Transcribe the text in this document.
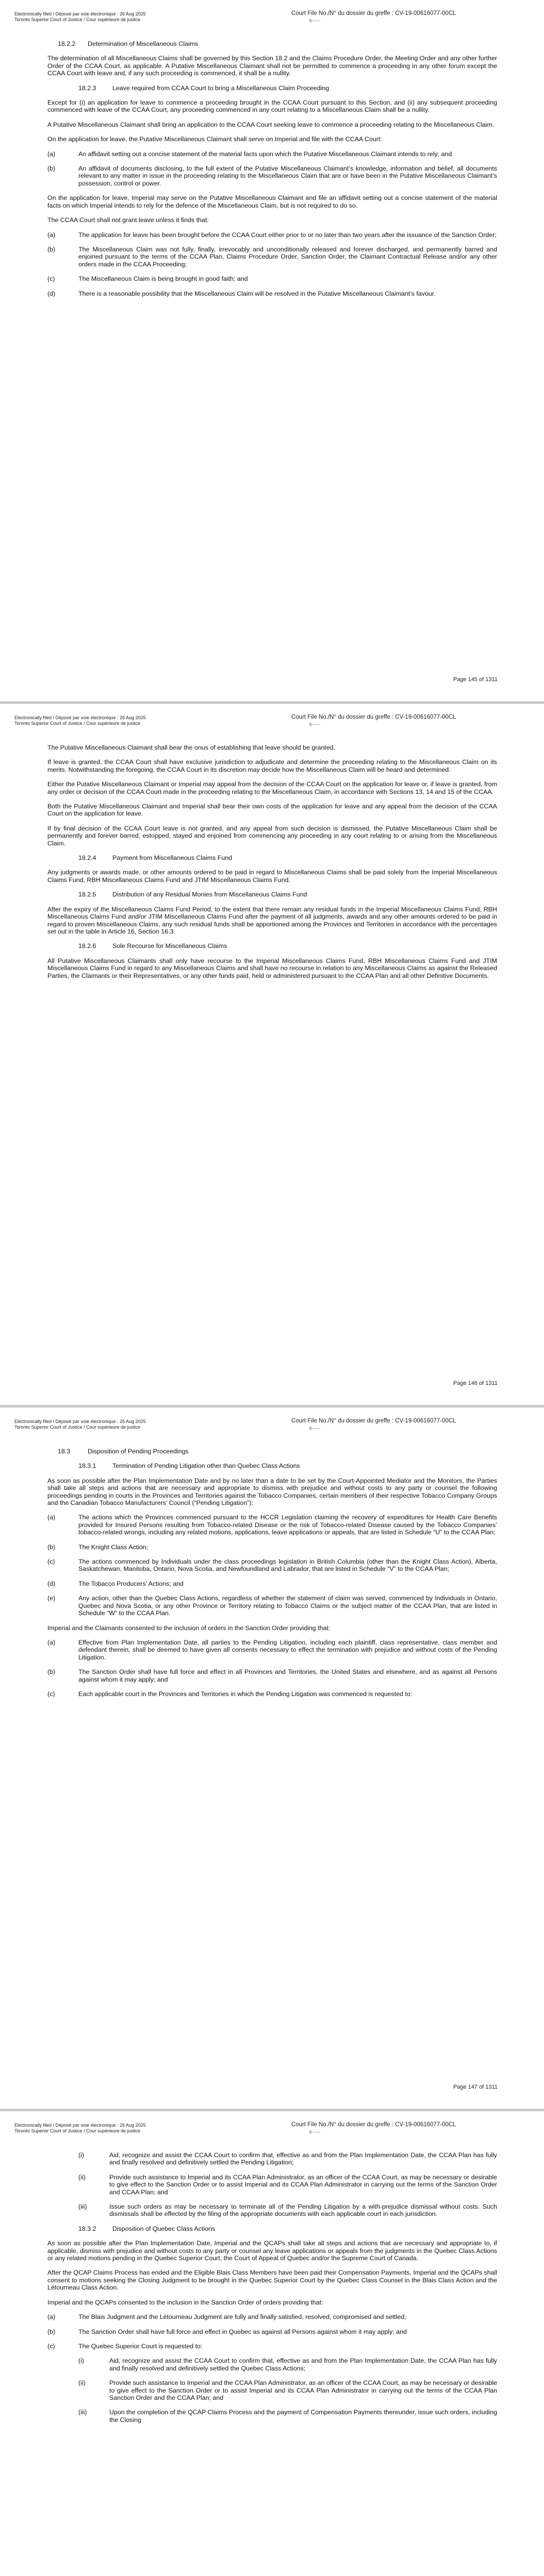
Electronically filed / Déposé par voie électronique : 26 Aug 2025
Toronto Superior Court of Justice / Cour supérieure de justice
Court File No./N° du dossier du greffe : CV-19-00616077-00CL
0−−−
18.2.2 Determination of Miscellaneous Claims

The determination of all Miscellaneous Claims shall be governed by this Section 18.2 and the Claims Procedure Order, the Meeting Order and any other further Order of the CCAA Court, as applicable. A Putative Miscellaneous Claimant shall not be permitted to commence a proceeding in any other forum except the CCAA Court with leave and, if any such proceeding is commenced, it shall be a nullity.

18.2.3	Leave required from CCAA Court to bring a Miscellaneous Claim Proceeding

Except for (i) an application for leave to commence a proceeding brought in the CCAA Court pursuant to this Section, and (ii) any subsequent proceeding commenced with leave of the CCAA Court, any proceeding commenced in any court relating to a Miscellaneous Claim shall be a nullity.

A Putative Miscellaneous Claimant shall bring an application to the CCAA Court seeking leave to commence a proceeding relating to the Miscellaneous Claim.

On the application for leave, the Putative Miscellaneous Claimant shall serve on Imperial and file with the CCAA Court:

(a)	An affidavit setting out a concise statement of the material facts upon which the Putative Miscellaneous Claimant intends to rely; and
(b)	An affidavit of documents disclosing, to the full extent of the Putative Miscellaneous Claimant’s knowledge, information and belief, all documents relevant to any matter in issue in the proceeding relating to the Miscellaneous Claim that are or have been in the Putative Miscellaneous Claimant’s possession, control or power.

On the application for leave, Imperial may serve on the Putative Miscellaneous Claimant and file an affidavit setting out a concise statement of the material facts on which Imperial intends to rely for the defence of the Miscellaneous Claim, but is not required to do so.

The CCAA Court shall not grant leave unless it finds that:

(a)	The application for leave has been brought before the CCAA Court either prior to or no later than two years after the issuance of the Sanction Order;
(b)	The Miscellaneous Claim was not fully, finally, irrevocably and unconditionally released and forever discharged, and permanently barred and enjoined pursuant to the terms of the CCAA Plan, Claims Procedure Order, Sanction Order, the Claimant Contractual Release and/or any other orders made in the CCAA Proceeding;
(c)	The Miscellaneous Claim is being brought in good faith; and
(d)	There is a reasonable possibility that the Miscellaneous Claim will be resolved in the Putative Miscellaneous Claimant’s favour.
Page 145 of 1311
Electronically filed / Déposé par voie électronique : 26 Aug 2025
Toronto Superior Court of Justice / Cour supérieure de justice
Court File No./N° du dossier du greffe : CV-19-00616077-00CL
0−−−

The Putative Miscellaneous Claimant shall bear the onus of establishing that leave should be granted.

If leave is granted, the CCAA Court shall have exclusive jurisdiction to adjudicate and determine the proceeding relating to the Miscellaneous Claim on its merits. Notwithstanding the foregoing, the CCAA Court in its discretion may decide how the Miscellaneous Claim will be heard and determined.

Either the Putative Miscellaneous Claimant or Imperial may appeal from the decision of the CCAA Court on the application for leave or, if leave is granted, from any order or decision of the CCAA Court made in the proceeding relating to the Miscellaneous Claim, in accordance with Sections 13, 14 and 15 of the CCAA.

Both the Putative Miscellaneous Claimant and Imperial shall bear their own costs of the application for leave and any appeal from the decision of the CCAA Court on the application for leave.

If by final decision of the CCAA Court leave is not granted, and any appeal from such decision is dismissed, the Putative Miscellaneous Claim shall be permanently and forever barred, estopped, stayed and enjoined from commencing any proceeding in any court relating to or arising from the Miscellaneous Claim.

18.2.4	Payment from Miscellaneous Claims Fund

Any judgments or awards made, or other amounts ordered to be paid in regard to Miscellaneous Claims shall be paid solely from the Imperial Miscellaneous Claims Fund, RBH Miscellaneous Claims Fund and JTIM Miscellaneous Claims Fund.

18.2.5	Distribution of any Residual Monies from Miscellaneous Claims Fund

After the expiry of the Miscellaneous Claims Fund Period, to the extent that there remain any residual funds in the Imperial Miscellaneous Claims Fund, RBH Miscellaneous Claims Fund and/or JTIM Miscellaneous Claims Fund after the payment of all judgments, awards and any other amounts ordered to be paid in regard to proven Miscellaneous Claims, any such residual funds shall be apportioned among the Provinces and Territories in accordance with the percentages set out in the table in Article 16, Section 16.3.

18.2.6	Sole Recourse for Miscellaneous Claims

All Putative Miscellaneous Claimants shall only have recourse to the Imperial Miscellaneous Claims Fund, RBH Miscellaneous Claims Fund and JTIM Miscellaneous Claims Fund in regard to any Miscellaneous Claims and shall have no recourse in relation to any Miscellaneous Claims as against the Released Parties, the Claimants or their Representatives, or any other funds paid, held or administered pursuant to the CCAA Plan and all other Definitive Documents.

Page 146 of 1311
Electronically filed / Déposé par voie électronique : 26 Aug 2025
Toronto Superior Court of Justice / Cour supérieure de justice
Court File No./N° du dossier du greffe : CV-19-00616077-00CL
0−−−
18.3	Disposition of Pending Proceedings
18.3.1	Termination of Pending Litigation other than Quebec Class Actions

As soon as possible after the Plan Implementation Date and by no later than a date to be set by the Court-Appointed Mediator and the Monitors, the Parties shall take all steps and actions that are necessary and appropriate to dismiss with prejudice and without costs to any party or counsel the following proceedings pending in courts in the Provinces and Territories against the Tobacco Companies, certain members of their respective Tobacco Company Groups and the Canadian Tobacco Manufacturers’ Council (“Pending Litigation”):

(a)	The actions which the Provinces commenced pursuant to the HCCR Legislation claiming the recovery of expenditures for Health Care Benefits provided for Insured Persons resulting from Tobacco-related Disease or the risk of Tobacco-related Disease caused by the Tobacco Companies’ tobacco-related wrongs, including any related motions, applications, leave applications or appeals, that are listed in Schedule “U” to the CCAA Plan;
(b)	The Knight Class Action;
(c)	The actions commenced by Individuals under the class proceedings legislation in British Columbia (other than the Knight Class Action), Alberta, Saskatchewan, Manitoba, Ontario, Nova Scotia, and Newfoundland and Labrador, that are listed in Schedule “V” to the CCAA Plan;
(d)	The Tobacco Producers’ Actions; and
(e)	Any action, other than the Quebec Class Actions, regardless of whether the statement of claim was served, commenced by Individuals in Ontario, Quebec and Nova Scotia, or any other Province or Territory relating to Tobacco Claims or the subject matter of the CCAA Plan, that are listed in Schedule “W” to the CCAA Plan.

Imperial and the Claimants consented to the inclusion of orders in the Sanction Order providing that:

(a)	Effective from Plan Implementation Date, all parties to the Pending Litigation, including each plaintiff, class representative, class member and defendant therein, shall be deemed to have given all consents necessary to effect the termination with prejudice and without costs of the Pending Litigation.
(b)	The Sanction Order shall have full force and effect in all Provinces and Territories, the United States and elsewhere, and as against all Persons against whom it may apply; and
(c)	Each applicable court in the Provinces and Territories in which the Pending Litigation was commenced is requested to:
Page 147 of 1311
Electronically filed / Déposé par voie électronique : 26 Aug 2025
Toronto Superior Court of Justice / Cour supérieure de justice
Court File No./N° du dossier du greffe : CV-19-00616077-00CL
0−−−
(i)	Aid, recognize and assist the CCAA Court to confirm that, effective as and from the Plan Implementation Date, the CCAA Plan has fully and finally resolved and definitively settled the Pending Litigation;
(ii)	Provide such assistance to Imperial and its CCAA Plan Administrator, as an officer of the CCAA Court, as may be necessary or desirable to give effect to the Sanction Order or to assist Imperial and its CCAA Plan Administrator in carrying out the terms of the Sanction Order and CCAA Plan; and
(iii)	Issue such orders as may be necessary to terminate all of the Pending Litigation by a with-prejudice dismissal without costs. Such dismissals shall be effected by the filing of the appropriate documents with each applicable court in each jurisdiction.
18.3.2	Disposition of Quebec Class Actions

As soon as possible after the Plan Implementation Date, Imperial and the QCAPs shall take all steps and actions that are necessary and appropriate to, if applicable, dismiss with prejudice and without costs to any party or counsel any leave applications or appeals from the judgments in the Quebec Class Actions or any related motions pending in the Quebec Superior Court, the Court of Appeal of Quebec and/or the Supreme Court of Canada.

After the QCAP Claims Process has ended and the Eligible Blais Class Members have been paid their Compensation Payments, Imperial and the QCAPs shall consent to motions seeking the Closing Judgment to be brought in the Quebec Superior Court by the Quebec Class Counsel in the Blais Class Action and the Létourneau Class Action.

Imperial and the QCAPs consented to the inclusion in the Sanction Order of orders providing that:

(a)	The Blais Judgment and the Létourneau Judgment are fully and finally satisfied, resolved, compromised and settled;
(b)	The Sanction Order shall have full force and effect in Quebec as against all Persons against whom it may apply; and
(c)	The Quebec Superior Court is requested to:
(i)	Aid, recognize and assist the CCAA Court to confirm that, effective as and from the Plan Implementation Date, the CCAA Plan has fully and finally resolved and definitively settled the Quebec Class Actions;
(ii)	Provide such assistance to Imperial and the CCAA Plan Administrator, as an officer of the CCAA Court, as may be necessary or desirable to give effect to the Sanction Order or to assist Imperial and its CCAA Plan Administrator in carrying out the terms of the CCAA Plan Sanction Order and the CCAA Plan; and
(iii)	Upon the completion of the QCAP Claims Process and the payment of Compensation Payments thereunder, issue such orders, including the Closing
